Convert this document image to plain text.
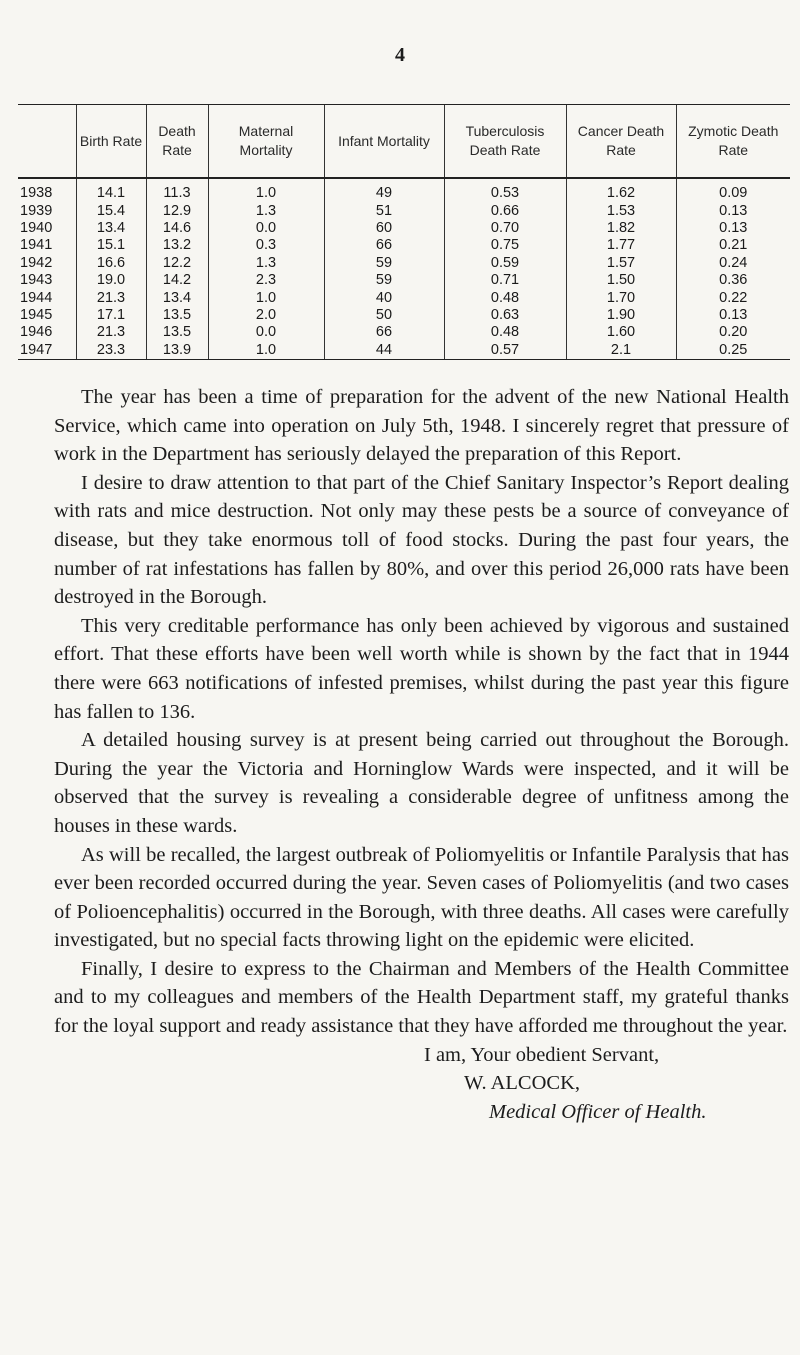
4
	Birth Rate	Death Rate	Maternal Mortality	Infant Mortality	Tuberculosis Death Rate	Cancer Death Rate	Zymotic Death Rate
1938	14.1	11.3	1.0	49	0.53	1.62	0.09
1939	15.4	12.9	1.3	51	0.66	1.53	0.13
1940	13.4	14.6	0.0	60	0.70	1.82	0.13
1941	15.1	13.2	0.3	66	0.75	1.77	0.21
1942	16.6	12.2	1.3	59	0.59	1.57	0.24
1943	19.0	14.2	2.3	59	0.71	1.50	0.36
1944	21.3	13.4	1.0	40	0.48	1.70	0.22
1945	17.1	13.5	2.0	50	0.63	1.90	0.13
1946	21.3	13.5	0.0	66	0.48	1.60	0.20
1947	23.3	13.9	1.0	44	0.57	2.1	0.25

The year has been a time of preparation for the advent of the new National Health Service, which came into operation on July 5th, 1948. I sincerely regret that pressure of work in the Department has seriously delayed the preparation of this Report.

I desire to draw attention to that part of the Chief Sanitary Inspector’s Report dealing with rats and mice destruction. Not only may these pests be a source of conveyance of disease, but they take enormous toll of food stocks. During the past four years, the number of rat infestations has fallen by 80%, and over this period 26,000 rats have been destroyed in the Borough.

This very creditable performance has only been achieved by vigorous and sustained effort. That these efforts have been well worth while is shown by the fact that in 1944 there were 663 notifications of infested premises, whilst during the past year this figure has fallen to 136.

A detailed housing survey is at present being carried out throughout the Borough. During the year the Victoria and Horninglow Wards were inspected, and it will be observed that the survey is revealing a considerable degree of unfitness among the houses in these wards.

As will be recalled, the largest outbreak of Poliomyelitis or Infantile Paralysis that has ever been recorded occurred during the year. Seven cases of Poliomyelitis (and two cases of Polioencephalitis) occurred in the Borough, with three deaths. All cases were carefully investigated, but no special facts throwing light on the epidemic were elicited.

Finally, I desire to express to the Chairman and Members of the Health Committee and to my colleagues and members of the Health Department staff, my grateful thanks for the loyal support and ready assistance that they have afforded me throughout the year.

I am, Your obedient Servant,
W. ALCOCK,
Medical Officer of Health.
